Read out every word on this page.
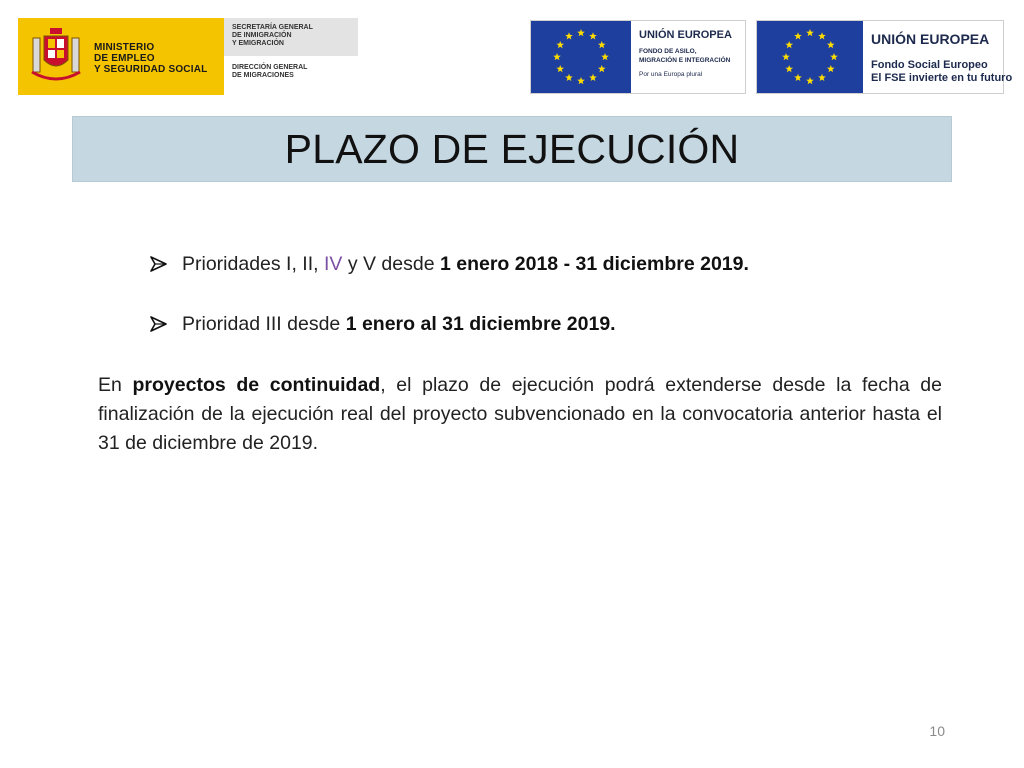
MINISTERIO
DE EMPLEO
Y SEGURIDAD SOCIAL
SECRETARÍA GENERAL
DE INMIGRACIÓN
Y EMIGRACIÓN
DIRECCIÓN GENERAL
DE MIGRACIONES
UNIÓN EUROPEA
FONDO DE ASILO,
MIGRACIÓN E INTEGRACIÓN
Por una Europa plural
UNIÓN EUROPEA
Fondo Social Europeo
El FSE invierte en tu futuro
PLAZO DE EJECUCIÓN
Prioridades I, II, IV y V desde 1 enero 2018 - 31 diciembre 2019.
Prioridad III desde 1 enero al 31 diciembre 2019.
En proyectos de continuidad, el plazo de ejecución podrá extenderse desde la fecha de finalización de la ejecución real del proyecto subvencionado en la convocatoria anterior hasta el 31 de diciembre de 2019.
10
